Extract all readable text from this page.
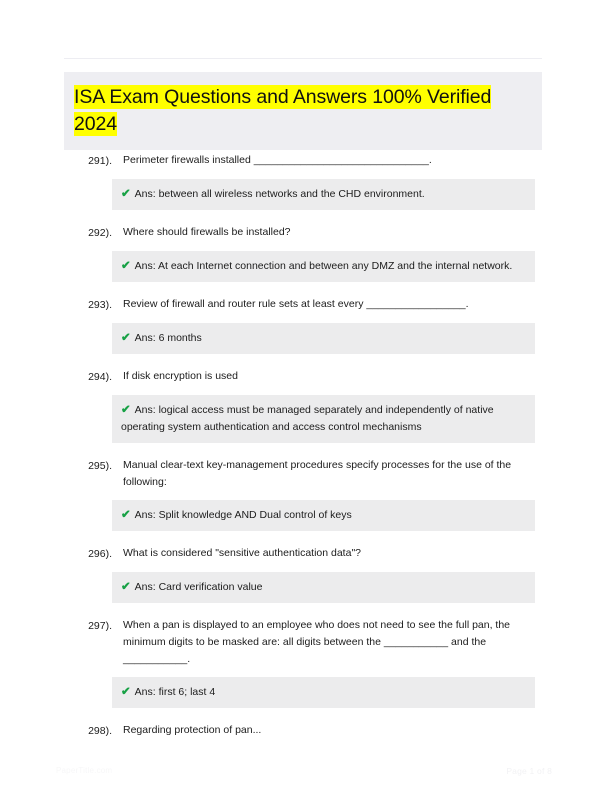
ISA Exam Questions and Answers 100% Verified 2024
291). Perimeter firewalls installed ______________________________.

✔ Ans: between all wireless networks and the CHD environment.

292). Where should firewalls be installed?

✔ Ans: At each Internet connection and between any DMZ and the internal network.

293). Review of firewall and router rule sets at least every _________________.

✔ Ans: 6 months

294). If disk encryption is used

✔ Ans: logical access must be managed separately and independently of native operating system authentication and access control mechanisms

295). Manual clear-text key-management procedures specify processes for the use of the following:

✔ Ans: Split knowledge AND Dual control of keys

296). What is considered "sensitive authentication data"?

✔ Ans: Card verification value

297). When a pan is displayed to an employee who does not need to see the full pan, the minimum digits to be masked are: all digits between the ___________ and the ___________.

✔ Ans: first 6; last 4

298). Regarding protection of pan...
PaperTitle.com	Page 1 of 8
